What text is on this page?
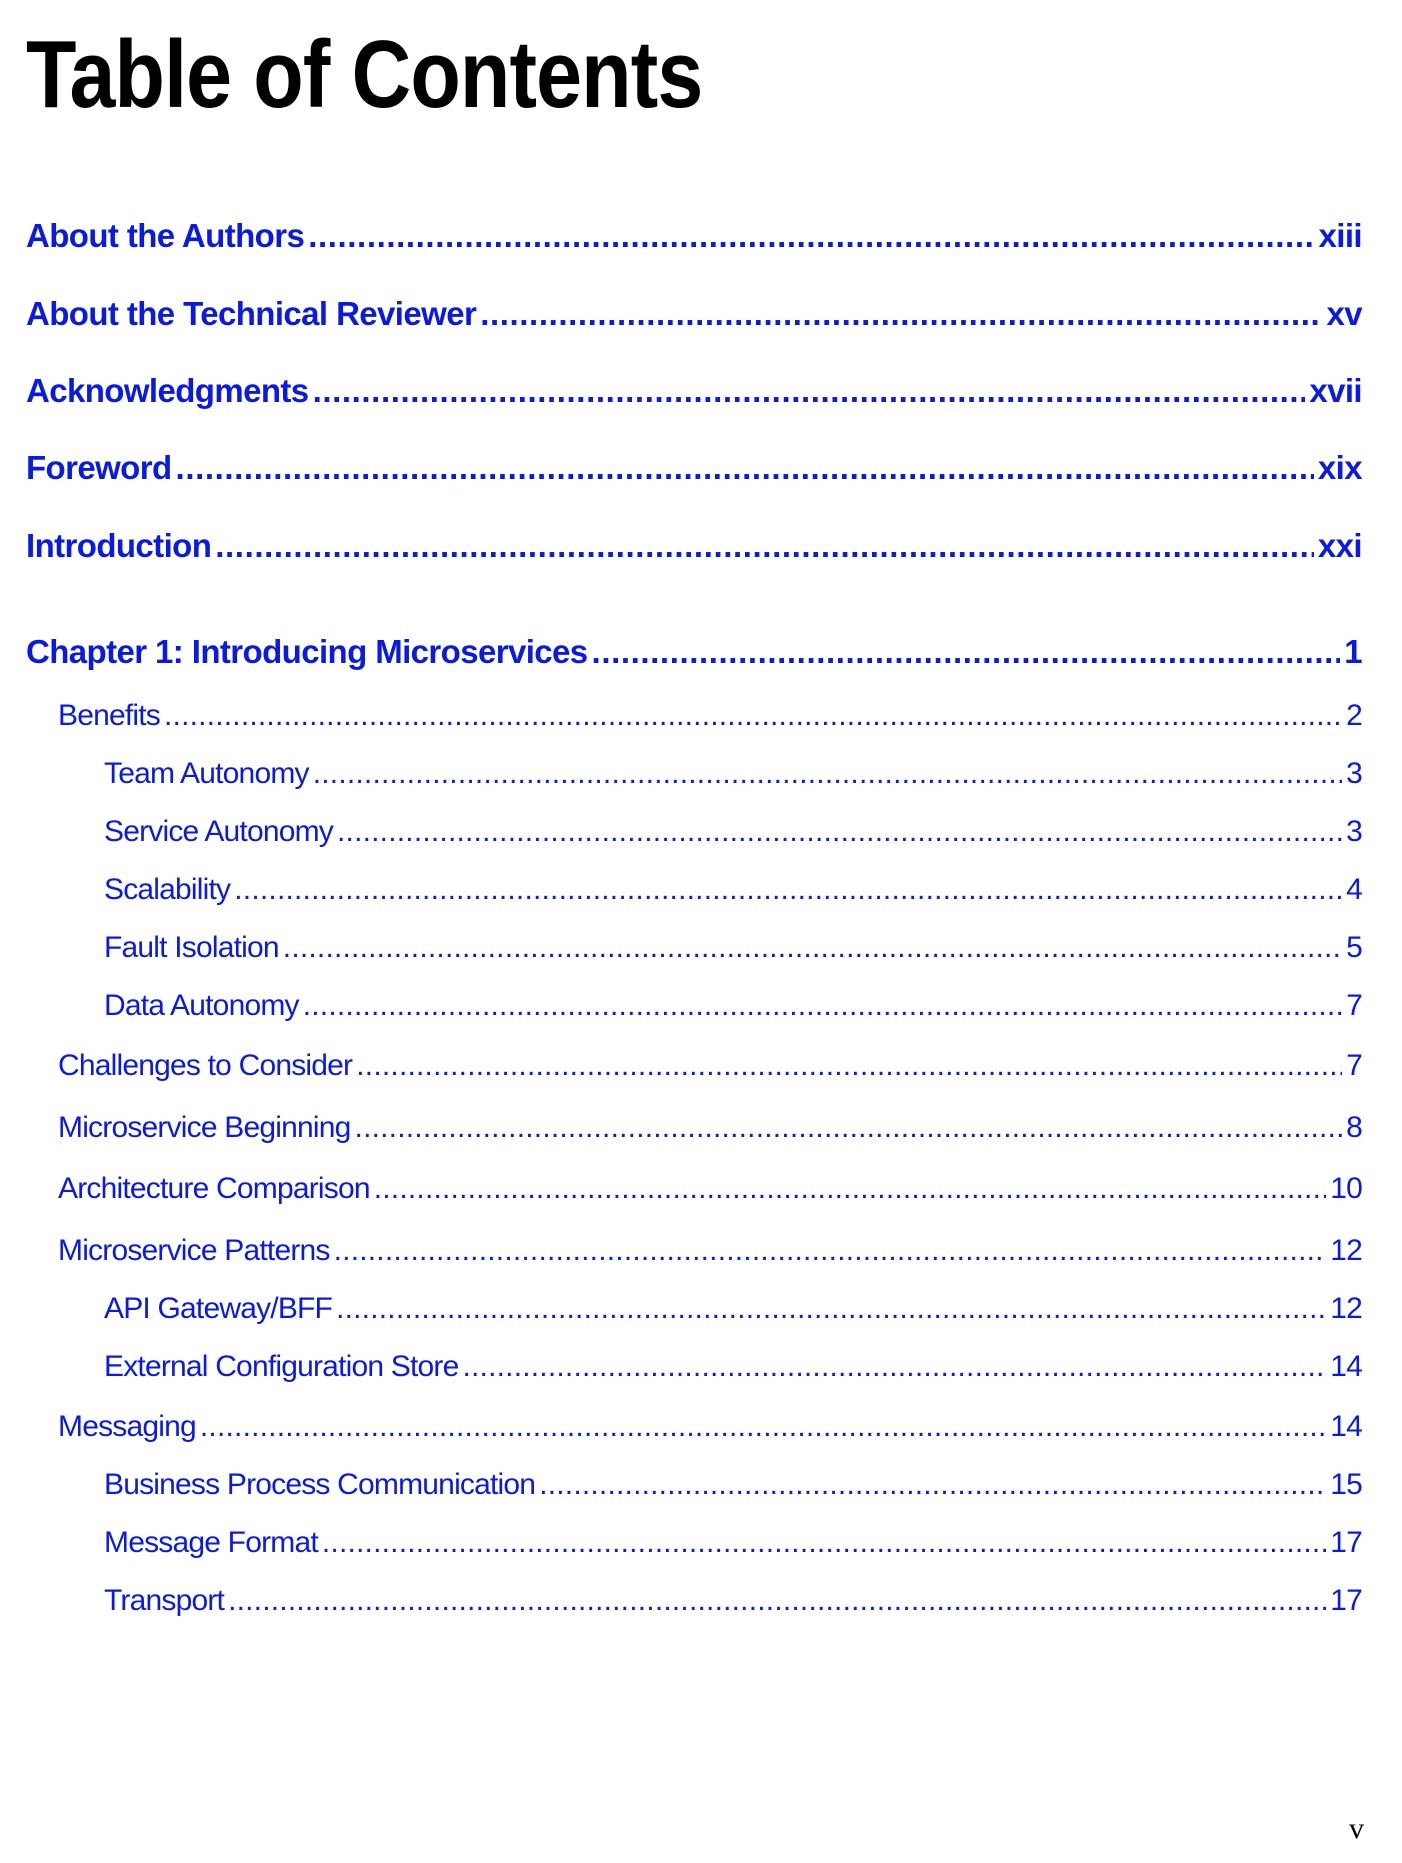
Table of Contents
About the Authors .....	xiii
About the Technical Reviewer .....	xv
Acknowledgments .....	xvii
Foreword .....	xix
Introduction .....	xxi
Chapter 1: Introducing Microservices .....	1
Benefits .....	2
Team Autonomy .....	3
Service Autonomy .....	3
Scalability .....	4
Fault Isolation .....	5
Data Autonomy .....	7
Challenges to Consider .....	7
Microservice Beginning .....	8
Architecture Comparison .....	10
Microservice Patterns .....	12
API Gateway/BFF .....	12
External Configuration Store .....	14
Messaging .....	14
Business Process Communication .....	15
Message Format .....	17
Transport .....	17
v
